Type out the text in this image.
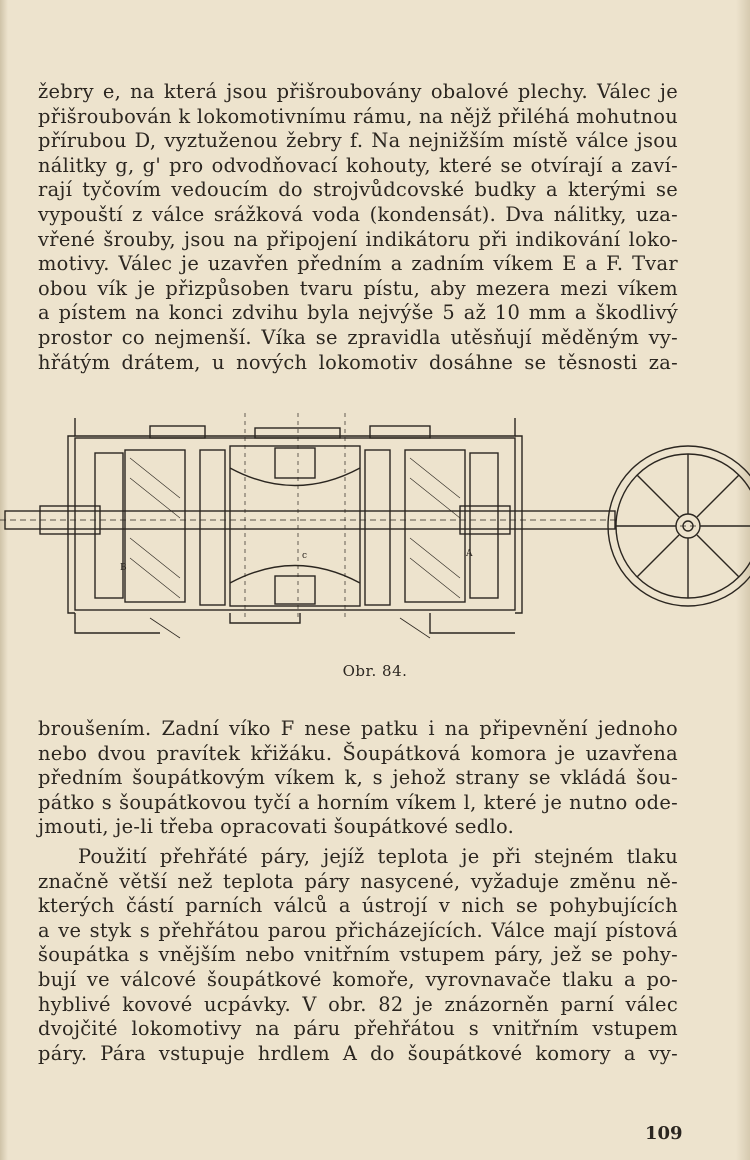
žebry e, na která jsou přišroubovány obalové plechy. Válec je
přišroubován k lokomotivnímu rámu, na nějž přiléhá mohutnou
přírubou D, vyztuženou žebry f. Na nejnižším místě válce jsou
nálitky g, g' pro odvodňovací kohouty, které se otvírají a zaví-
rají tyčovím vedoucím do strojvůdcovské budky a kterými se
vypouští z válce srážková voda (kondensát). Dva nálitky, uza-
vřené šrouby, jsou na připojení indikátoru při indikování loko-
motivy. Válec je uzavřen předním a zadním víkem E a F. Tvar
obou vík je přizpůsoben tvaru pístu, aby mezera mezi víkem
a pístem na konci zdvihu byla nejvýše 5 až 10 mm a škodlivý
prostor co nejmenší. Víka se zpravidla utěsňují měděným vy-
hřátým drátem, u nových lokomotiv dosáhne se těsnosti za-
c	A
B
Obr. 84.
broušením. Zadní víko F nese patku i na připevnění jednoho
nebo dvou pravítek křižáku. Šoupátková komora je uzavřena
předním šoupátkovým víkem k, s jehož strany se vkládá šou-
pátko s šoupátkovou tyčí a horním víkem l, které je nutno ode-
jmouti, je-li třeba opracovati šoupátkové sedlo.
Použití přehřáté páry, jejíž teplota je při stejném tlaku
značně větší než teplota páry nasycené, vyžaduje změnu ně-
kterých částí parních válců a ústrojí v nich se pohybujících
a ve styk s přehřátou parou přicházejících. Válce mají pístová
šoupátka s vnějším nebo vnitřním vstupem páry, jež se pohy-
bují ve válcové šoupátkové komoře, vyrovnavače tlaku a po-
hyblivé kovové ucpávky. V obr. 82 je znázorněn parní válec
dvojčité lokomotivy na páru přehřátou s vnitřním vstupem
páry. Pára vstupuje hrdlem A do šoupátkové komory a vy-
109
